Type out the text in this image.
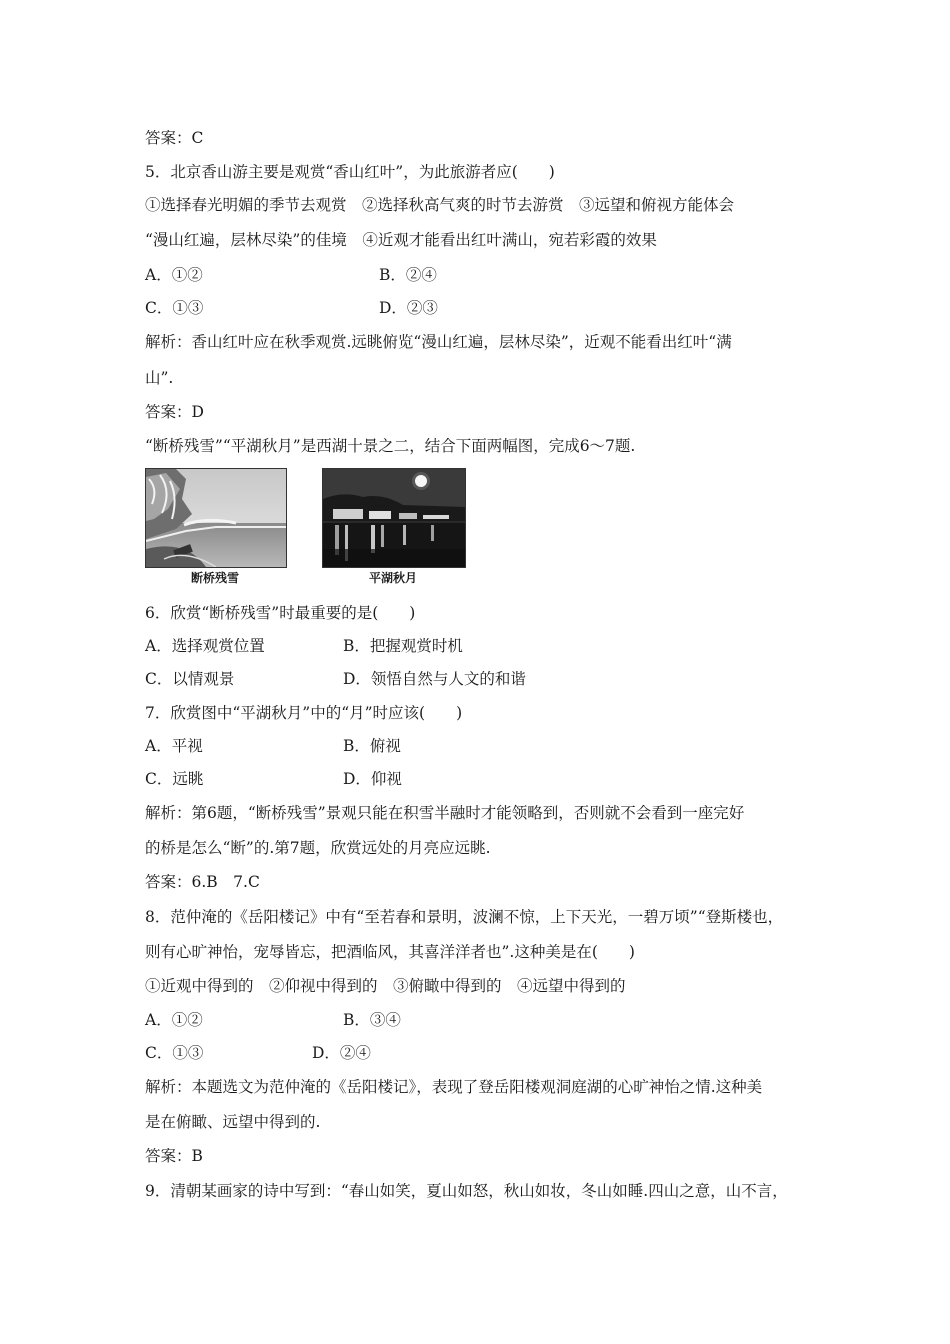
答案：C
5．北京香山游主要是观赏“香山红叶”，为此旅游者应(　　)
①选择春光明媚的季节去观赏　②选择秋高气爽的时节去游赏　③远望和俯视方能体会
“漫山红遍，层林尽染”的佳境　④近观才能看出红叶满山，宛若彩霞的效果
A．①②	B．②④
C．①③	D．②③
解析：香山红叶应在秋季观赏.远眺俯览“漫山红遍，层林尽染”，近观不能看出红叶“满
山”.
答案：D
“断桥残雪”“平湖秋月”是西湖十景之二，结合下面两幅图，完成6～7题.
断桥残雪	平湖秋月
6．欣赏“断桥残雪”时最重要的是(　　)
A．选择观赏位置	B．把握观赏时机
C．以情观景	D．领悟自然与人文的和谐
7．欣赏图中“平湖秋月”中的“月”时应该(　　)
A．平视	B．俯视
C．远眺	D．仰视
解析：第6题，“断桥残雪”景观只能在积雪半融时才能领略到，否则就不会看到一座完好
的桥是怎么“断”的.第7题，欣赏远处的月亮应远眺.
答案：6.B　7.C
8．范仲淹的《岳阳楼记》中有“至若春和景明，波澜不惊，上下天光，一碧万顷”“登斯楼也，
则有心旷神怡，宠辱皆忘，把酒临风，其喜洋洋者也”.这种美是在(　　)
①近观中得到的　②仰视中得到的　③俯瞰中得到的　④远望中得到的
A．①②	B．③④
C．①③	D．②④
解析：本题选文为范仲淹的《岳阳楼记》，表现了登岳阳楼观洞庭湖的心旷神怡之情.这种美
是在俯瞰、远望中得到的.
答案：B
9．清朝某画家的诗中写到：“春山如笑，夏山如怒，秋山如妆，冬山如睡.四山之意，山不言，
